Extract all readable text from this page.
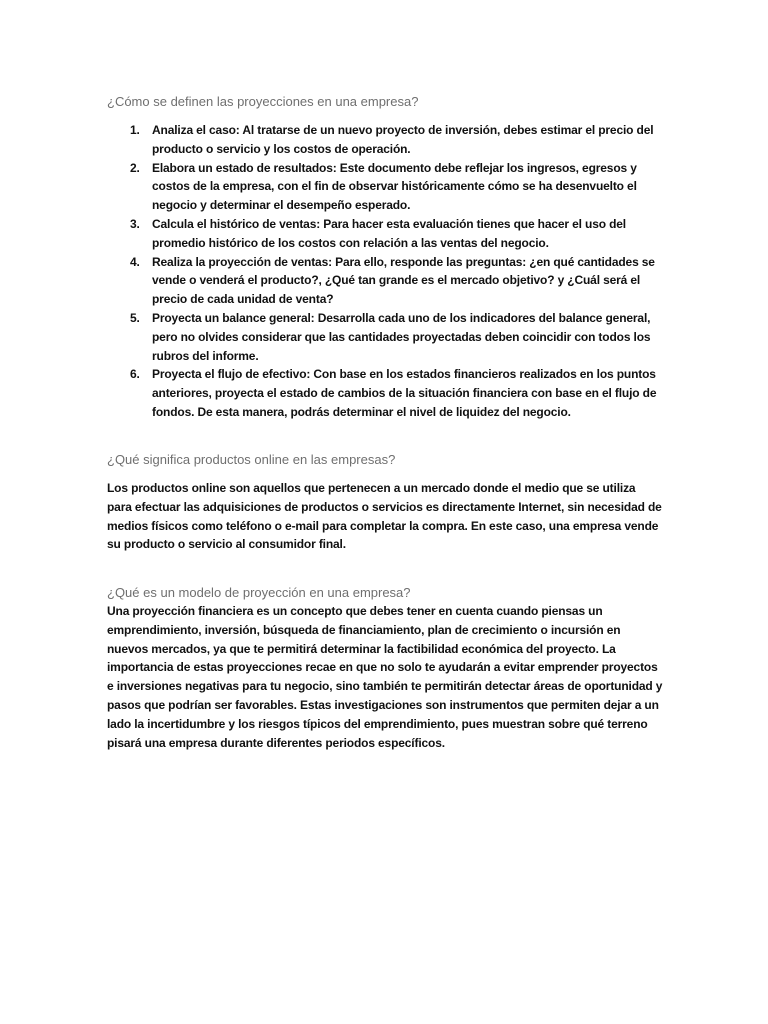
¿Cómo se definen las proyecciones en una empresa?
1.	Analiza el caso: Al tratarse de un nuevo proyecto de inversión, debes estimar el precio del producto o servicio y los costos de operación.
2.	Elabora un estado de resultados: Este documento debe reflejar los ingresos, egresos y costos de la empresa, con el fin de observar históricamente cómo se ha desenvuelto el negocio y determinar el desempeño esperado.
3.	Calcula el histórico de ventas: Para hacer esta evaluación tienes que hacer el uso del promedio histórico de los costos con relación a las ventas del negocio.
4.	Realiza la proyección de ventas: Para ello, responde las preguntas: ¿en qué cantidades se vende o venderá el producto?, ¿Qué tan grande es el mercado objetivo? y ¿Cuál será el precio de cada unidad de venta?
5.	Proyecta un balance general: Desarrolla cada uno de los indicadores del balance general, pero no olvides considerar que las cantidades proyectadas deben coincidir con todos los rubros del informe.
6.	Proyecta el flujo de efectivo: Con base en los estados financieros realizados en los puntos anteriores, proyecta el estado de cambios de la situación financiera con base en el flujo de fondos. De esta manera, podrás determinar el nivel de liquidez del negocio.
¿Qué significa productos online en las empresas?

Los productos online son aquellos que pertenecen a un mercado donde el medio que se utiliza para efectuar las adquisiciones de productos o servicios es directamente Internet, sin necesidad de medios físicos como teléfono o e-mail para completar la compra. En este caso, una empresa vende su producto o servicio al consumidor final.

¿Qué es un modelo de proyección en una empresa?

Una proyección financiera es un concepto que debes tener en cuenta cuando piensas un emprendimiento, inversión, búsqueda de financiamiento, plan de crecimiento o incursión en nuevos mercados, ya que te permitirá determinar la factibilidad económica del proyecto. La importancia de estas proyecciones recae en que no solo te ayudarán a evitar emprender proyectos e inversiones negativas para tu negocio, sino también te permitirán detectar áreas de oportunidad y pasos que podrían ser favorables. Estas investigaciones son instrumentos que permiten dejar a un lado la incertidumbre y los riesgos típicos del emprendimiento, pues muestran sobre qué terreno pisará una empresa durante diferentes periodos específicos.
